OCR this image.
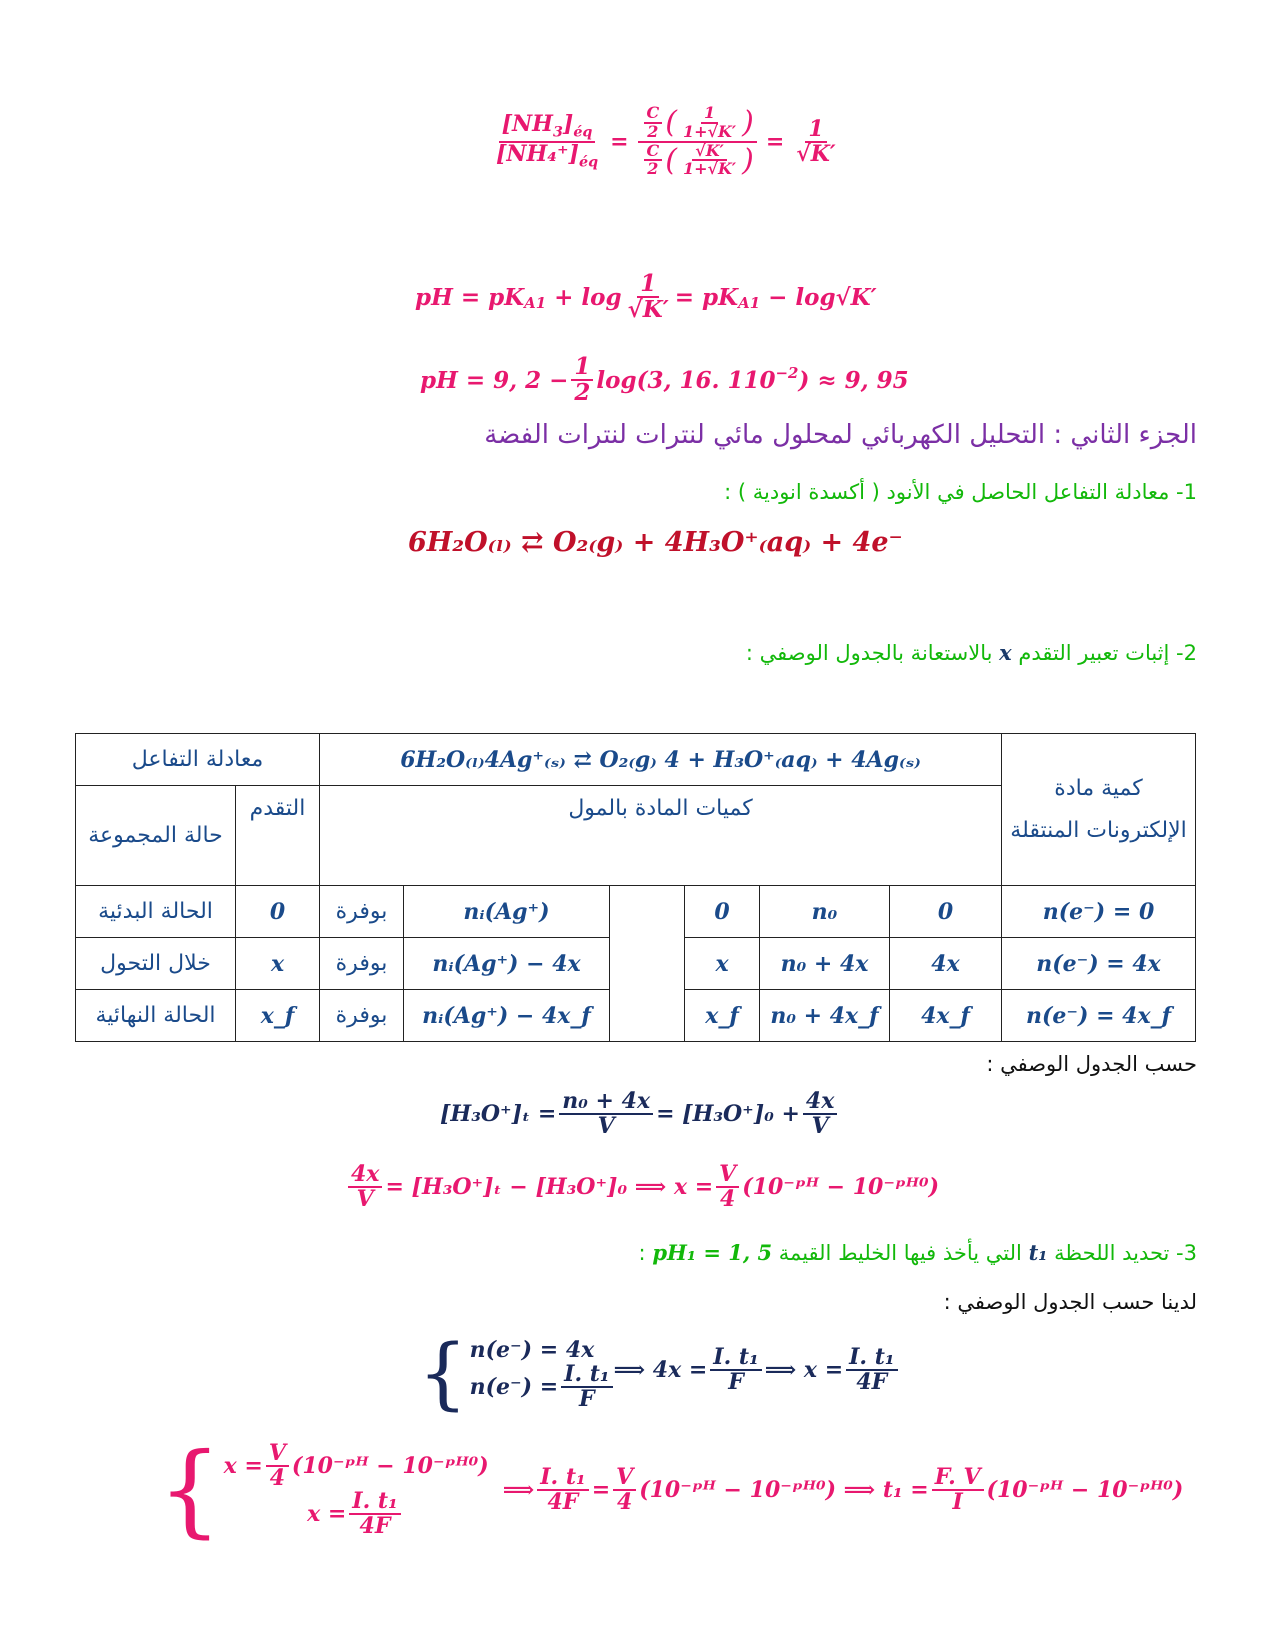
$\frac{[NH_3]_{éq}}{[NH_4^+]_{éq}} = \frac{\frac{C}{2} ( \frac{1}{1+√K'} )}{\frac{C}{2} ( \frac{√K'}{1+√K'} )} = \frac{1}{√K'}$
pH = $pK_{A1} + \log \frac{1}{√K'} = pK_{A1} - \log√K'$
pH = 9, $2 - \frac{1}{2} \log(3$, 16. $110^{-2}$ ) ≈ 9, 95
الجزء الثاني : التحليل الكهربائي لمحلول مائي لنترات لنترات الفضة
1- معادلة التفاعل الحاصل في الأنود ( أكسدة انودية ) :
6H₂O₍ₗ₎ ⇄ O₂₍g₎ + 4H₃O⁺₍aq₎ + 4e⁻
2- إثبات تعبير التقدم x بالاستعانة بالجدول الوصفي :
معادلة التفاعل		6H₂O₍ₗ₎4Ag⁺₍ₛ₎ ⇄ O₂₍g₎ 4 + H₃O⁺₍aq₎ + 4Ag₍ₛ₎						كمية مادة الإلكترونات المنتقلة
حالة المجموعة	التقدم	كميات المادة بالمول						
الحالة البدئية	0	بوفرة	nᵢ(Ag⁺)		0	n₀	0	n(e⁻) = 0
خلال التحول	x	بوفرة	nᵢ(Ag⁺) − 4x		x	n₀ + 4x	4x	n(e⁻) = 4x
الحالة النهائية	x_f	بوفرة	nᵢ(Ag⁺) − 4x_f		x_f	n₀ + 4x_f	4x_f	n(e⁻) = 4x_f
حسب الجدول الوصفي :
$[H_3O^+]_t = \frac{\text{n₀ + 4x}}{V} = [H_3O^+]_0 + \frac{4x}{V}$
$\frac{4x}{V} = [H_3O^+]_t - [H_3O^+]_0$ ⟹ $x = \frac{V}{4}$ (10⁻ᵖᴴ − 10⁻ᵖᴴ⁰)
3- تحديد اللحظة t₁ التي يأخذ فيها الخليط القيمة pH₁ = 1, 5 :
لدينا حسب الجدول الوصفي :
{ n(e⁻) = 4x
$n(e^-) = \frac{\text{I. t₁}}{F}$ ⟹ $4x = \frac{\text{I. t₁}}{F}$ ⟹ $x = \frac{\text{I. t₁}}{4F}$
{ $x = \frac{V}{4}$ (10⁻ᵖᴴ − 10⁻ᵖᴴ⁰)
$x = \frac{\text{I. t₁}}{4F}$	⟹ $\frac{\text{I. t₁}}{4F} = \frac{V}{4}$ (10⁻ᵖᴴ − 10⁻ᵖᴴ⁰) ⟹ $t_1 = \frac{F. V}{I}$ (10⁻ᵖᴴ − 10⁻ᵖᴴ⁰)
